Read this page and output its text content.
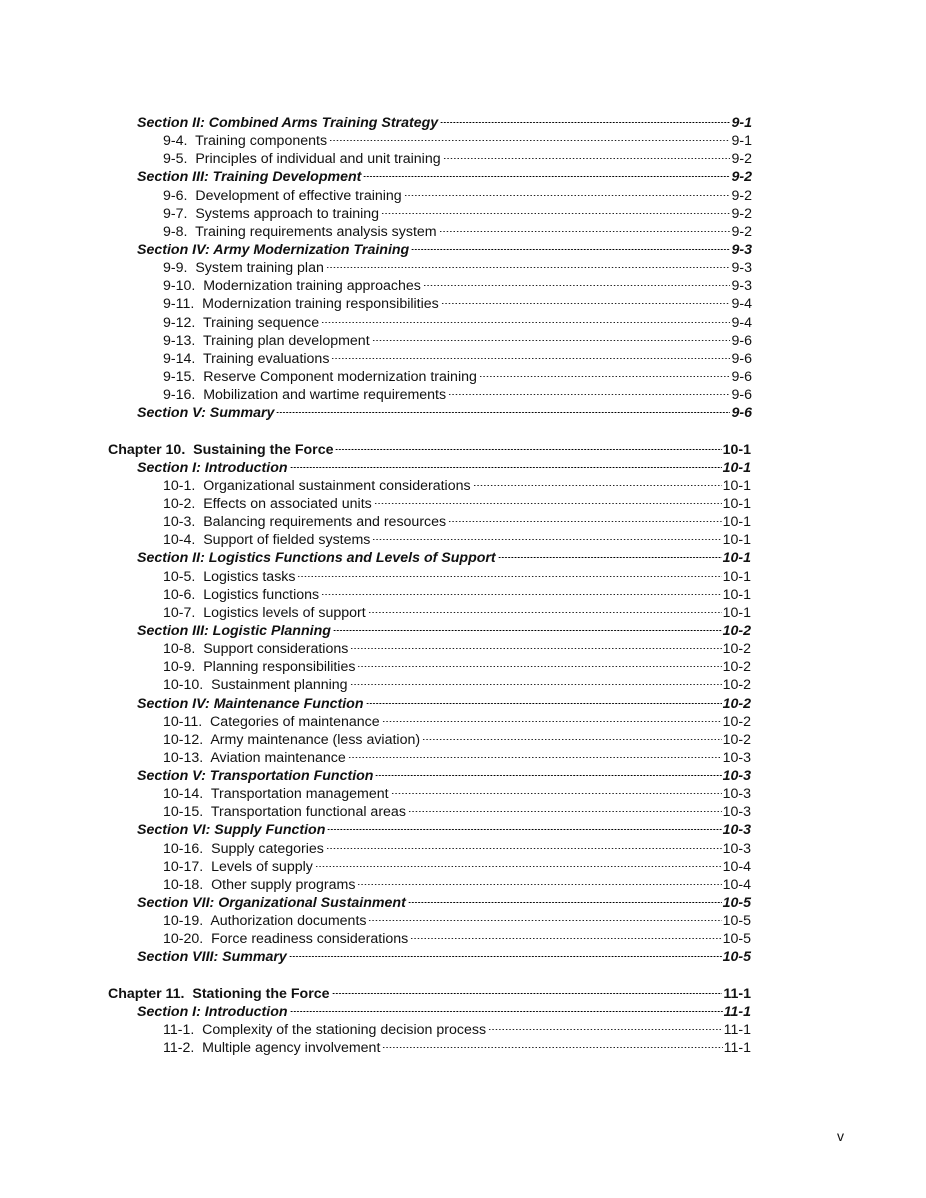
Section II: Combined Arms Training Strategy	9-1
9-4.  Training components	9-1
9-5.  Principles of individual and unit training	9-2
Section III: Training Development	9-2
9-6.  Development of effective training	9-2
9-7.  Systems approach to training	9-2
9-8.  Training requirements analysis system	9-2
Section IV: Army Modernization Training	9-3
9-9.  System training plan	9-3
9-10.  Modernization training approaches	9-3
9-11.  Modernization training responsibilities	9-4
9-12.  Training sequence	9-4
9-13.  Training plan development	9-6
9-14.  Training evaluations	9-6
9-15.  Reserve Component modernization training	9-6
9-16.  Mobilization and wartime requirements	9-6
Section V: Summary	9-6
Chapter 10.  Sustaining the Force	10-1
Section I: Introduction	10-1
10-1.  Organizational sustainment considerations	10-1
10-2.  Effects on associated units	10-1
10-3.  Balancing requirements and resources	10-1
10-4.  Support of fielded systems	10-1
Section II: Logistics Functions and Levels of Support	10-1
10-5.  Logistics tasks	10-1
10-6.  Logistics functions	10-1
10-7.  Logistics levels of support	10-1
Section III: Logistic Planning	10-2
10-8.  Support considerations	10-2
10-9.  Planning responsibilities	10-2
10-10.  Sustainment planning	10-2
Section IV: Maintenance Function	10-2
10-11.  Categories of maintenance	10-2
10-12.  Army maintenance (less aviation)	10-2
10-13.  Aviation maintenance	10-3
Section V: Transportation Function	10-3
10-14.  Transportation management	10-3
10-15.  Transportation functional areas	10-3
Section VI: Supply Function	10-3
10-16.  Supply categories	10-3
10-17.  Levels of supply	10-4
10-18.  Other supply programs	10-4
Section VII: Organizational Sustainment	10-5
10-19.  Authorization documents	10-5
10-20.  Force readiness considerations	10-5
Section VIII: Summary	10-5
Chapter 11.  Stationing the Force	11-1
Section I: Introduction	11-1
11-1.  Complexity of the stationing decision process	11-1
11-2.  Multiple agency involvement	11-1
v
